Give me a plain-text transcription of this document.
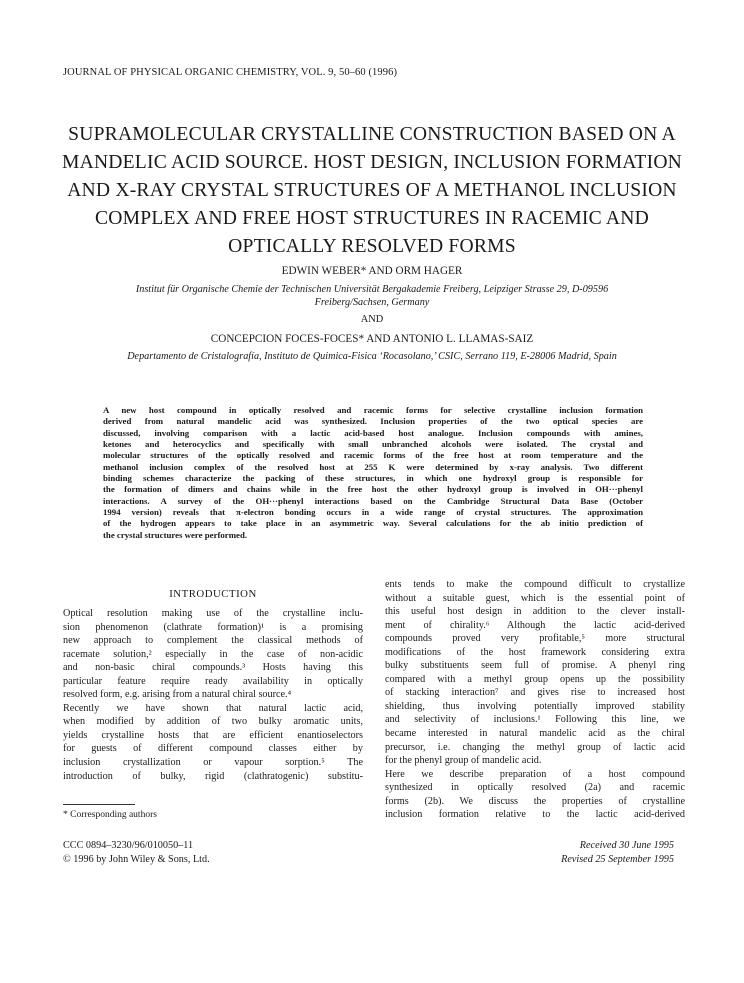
JOURNAL OF PHYSICAL ORGANIC CHEMISTRY, VOL. 9, 50–60 (1996)
SUPRAMOLECULAR CRYSTALLINE CONSTRUCTION BASED ON A
MANDELIC ACID SOURCE. HOST DESIGN, INCLUSION FORMATION
AND X-RAY CRYSTAL STRUCTURES OF A METHANOL INCLUSION
COMPLEX AND FREE HOST STRUCTURES IN RACEMIC AND
OPTICALLY RESOLVED FORMS
EDWIN WEBER* AND ORM HAGER
Institut für Organische Chemie der Technischen Universität Bergakademie Freiberg, Leipziger Strasse 29, D-09596
Freiberg/Sachsen, Germany
AND
CONCEPCION FOCES-FOCES* AND ANTONIO L. LLAMAS-SAIZ
Departamento de Cristalografía, Instituto de Quimica-Fisica ‘Rocasolano,’ CSIC, Serrano 119, E-28006 Madrid, Spain
A new host compound in optically resolved and racemic forms for selective crystalline inclusion formation
derived from natural mandelic acid was synthesized. Inclusion properties of the two optical species are
discussed, involving comparison with a lactic acid-based host analogue. Inclusion compounds with amines,
ketones and heterocyclics and specifically with small unbranched alcohols were isolated. The crystal and
molecular structures of the optically resolved and racemic forms of the free host at room temperature and the
methanol inclusion complex of the resolved host at 255 K were determined by x-ray analysis. Two different
binding schemes characterize the packing of these structures, in which one hydroxyl group is responsible for
the formation of dimers and chains while in the free host the other hydroxyl group is involved in OH···phenyl
interactions. A survey of the OH···phenyl interactions based on the Cambridge Structural Data Base (October
1994 version) reveals that π-electron bonding occurs in a wide range of crystal structures. The approximation
of the hydrogen appears to take place in an asymmetric way. Several calculations for the ab initio prediction of
the crystal structures were performed.
INTRODUCTION
Optical resolution making use of the crystalline inclu-
sion phenomenon (clathrate formation)¹ is a promising
new approach to complement the classical methods of
racemate solution,² especially in the case of non-acidic
and non-basic chiral compounds.³ Hosts having this
particular feature require ready availability in optically
resolved form, e.g. arising from a natural chiral source.⁴
Recently we have shown that natural lactic acid,
when modified by addition of two bulky aromatic units,
yields crystalline hosts that are efficient enantioselectors
for guests of different compound classes either by
inclusion crystallization or vapour sorption.⁵ The
introduction of bulky, rigid (clathratogenic) substitu-
ents tends to make the compound difficult to crystallize
without a suitable guest, which is the essential point of
this useful host design in addition to the clever install-
ment of chirality.⁶ Although the lactic acid-derived
compounds proved very profitable,⁵ more structural
modifications of the host framework considering extra
bulky substituents seem full of promise. A phenyl ring
compared with a methyl group opens up the possibility
of stacking interaction⁷ and gives rise to increased host
shielding, thus involving potentially improved stability
and selectivity of inclusions.¹ Following this line, we
became interested in natural mandelic acid as the chiral
precursor, i.e. changing the methyl group of lactic acid
for the phenyl group of mandelic acid.
Here we describe preparation of a host compound
synthesized in optically resolved (2a) and racemic
forms (2b). We discuss the properties of crystalline
inclusion formation relative to the lactic acid-derived
* Corresponding authors
CCC 0894–3230/96/010050–11
© 1996 by John Wiley & Sons, Ltd.
Received 30 June 1995
Revised 25 September 1995
